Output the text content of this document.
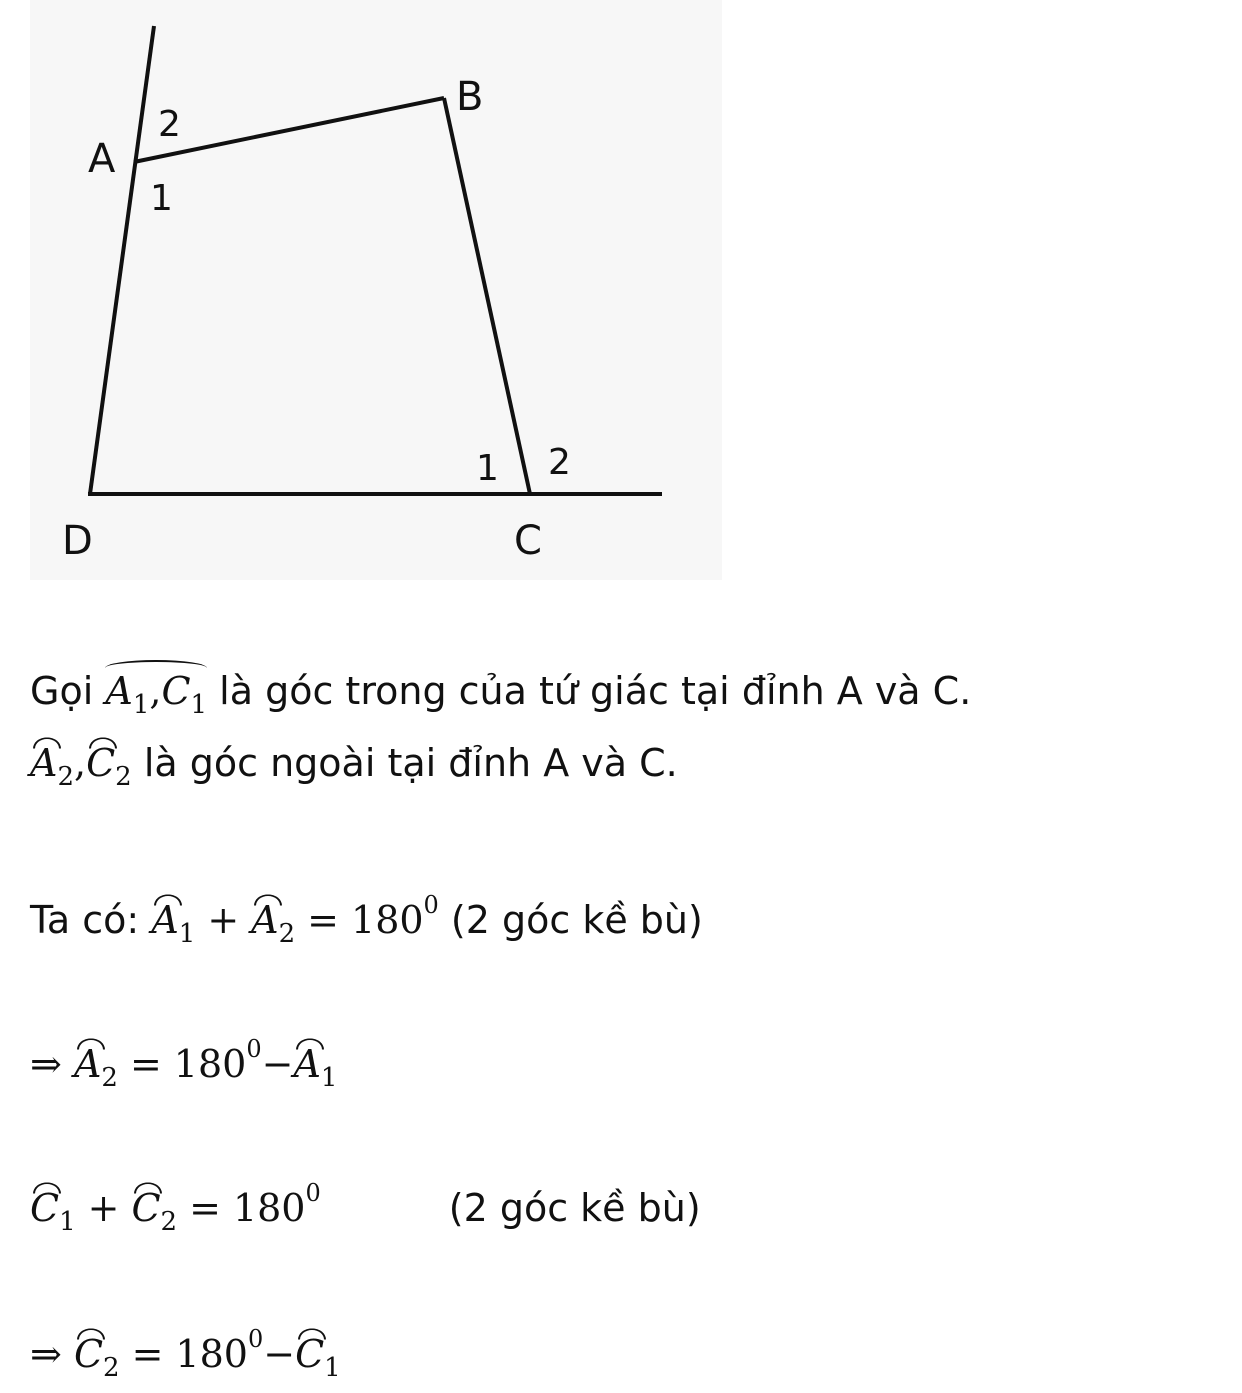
A
B
C
D
2
1
1 2
Gọi $A_1,C_1$ là góc trong của tứ giác tại đỉnh A và C.
$A_2,C_2$ là góc ngoài tại đỉnh A và C.
Ta có: $A_1 + A_2 = 180^0$ (2 góc kề bù)
⇒ $A_2 = 180^0-A_1$
$C_1 + C_2 = 180^0$	(2 góc kề bù)
⇒ $C_2 = 180^0-C_1$
